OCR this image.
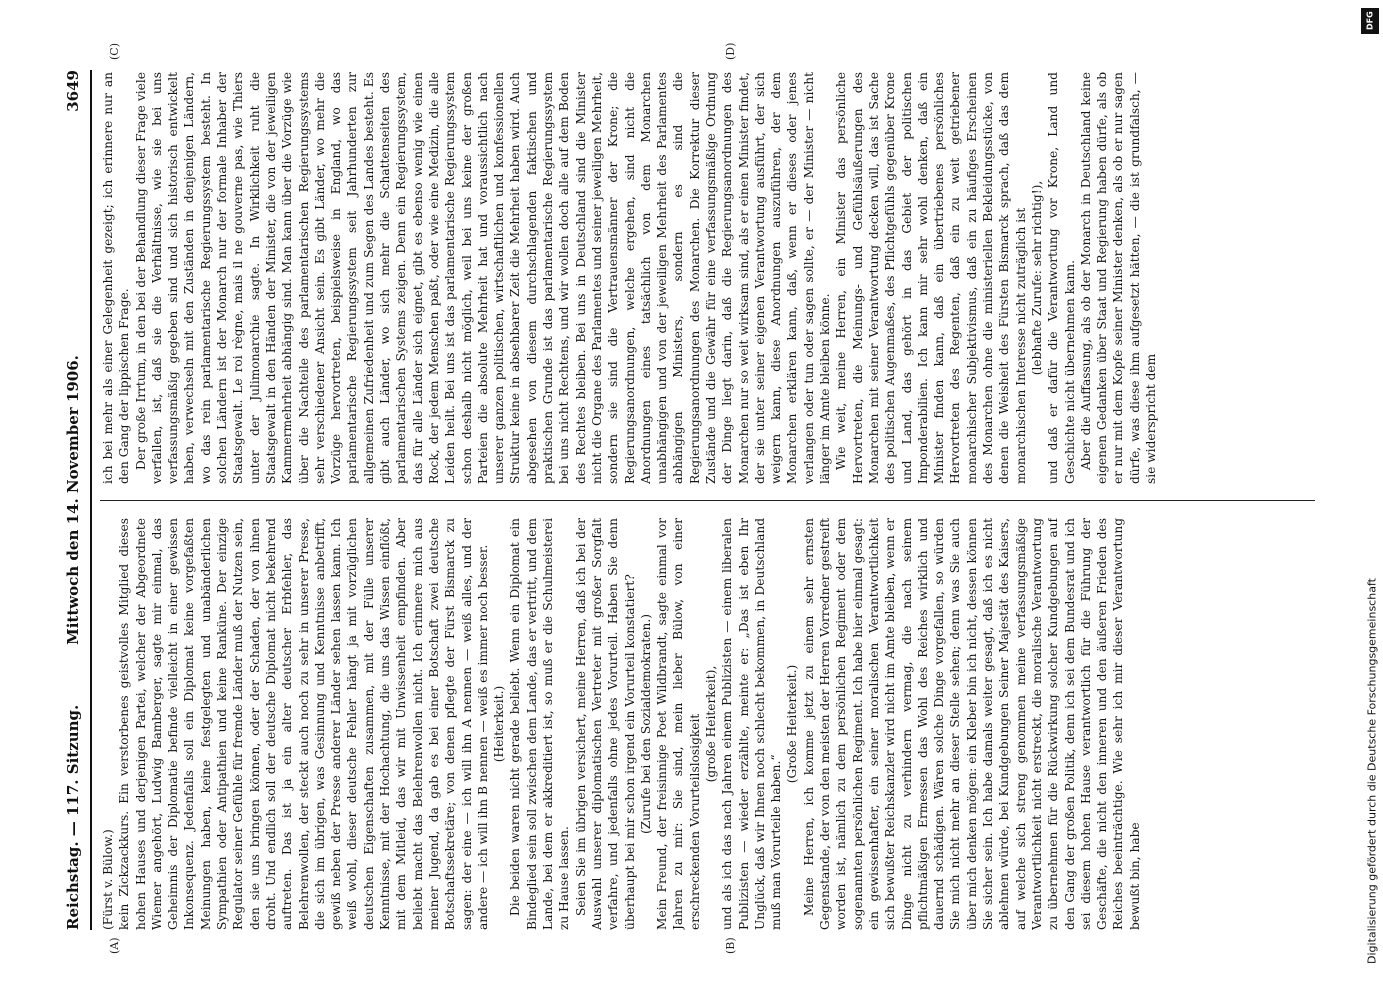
Reichstag. — 117. Sitzung.
Mittwoch den 14. November 1906.
3649
(A)	(B)
(C)	(D)

(Fürst v. Bülow.) kein Zickzackkurs. Ein verstorbenes geistvolles Mitglied dieses hohen Hauses und derjenigen Partei, welcher der Abgeordnete Wiemer angehört, Ludwig Bamberger, sagte mir einmal, das Geheimnis der Diplomatie befinde vielleicht in einer gewissen Inkonsequenz. Jedenfalls soll ein Diplomat keine vorgefaßten Meinungen haben, keine festgelegten und unabänderlichen Sympathien oder Antipathien und keine Ranküne. Der einzige Regulator seiner Gefühle für fremde Länder muß der Nutzen sein, den sie uns bringen können, oder der Schaden, der von ihnen droht. Und endlich soll der deutsche Diplomat nicht bekehrend auftreten. Das ist ja ein alter deutscher Erbfehler, das Belehrenwollen, der steckt auch noch zu sehr in unserer Presse, die sich im übrigen, was Gesinnung und Kenntnisse anbetrifft, gewiß neben der Presse anderer Länder sehen lassen kann. Ich weiß wohl, dieser deutsche Fehler hängt ja mit vorzüglichen deutschen Eigenschaften zusammen, mit der Fülle unserer Kenntnisse, mit der Hochachtung, die uns das Wissen einflößt, mit dem Mitleid, das wir mit Unwissenheit empfinden. Aber beliebt macht das Belehrenwollen nicht. Ich erinnere mich aus meiner Jugend, da gab es bei einer Botschaft zwei deutsche Botschaftssekretäre; von denen pflegte der Fürst Bismarck zu sagen: der eine — ich will ihn A nennen — weiß alles, und der andere — ich will ihn B nennen — weiß es immer noch besser. (Heiterkeit.) Die beiden waren nicht gerade beliebt. Wenn ein Diplomat ein Bindeglied sein soll zwischen dem Lande, das er vertritt, und dem Lande, bei dem er akkreditiert ist, so muß er die Schulmeisterei zu Hause lassen. Seien Sie im übrigen versichert, meine Herren, daß ich bei der Auswahl unserer diplomatischen Vertreter mit großer Sorgfalt verfahre, und jedenfalls ohne jedes Vorurteil. Haben Sie denn überhaupt bei mir schon irgend ein Vorurteil konstatiert? (Zurufe bei den Sozialdemokraten.) Mein Freund, der freisinnige Poet Wildbrandt, sagte einmal vor Jahren zu mir: Sie sind, mein lieber Bülow, von einer erschreckenden Vorurteilslosigkeit (große Heiterkeit), und als ich das nach Jahren einem Publizisten — einem liberalen Publizisten — wieder erzählte, meinte er: „Das ist eben Ihr Unglück, daß wir Ihnen noch schlecht bekommen, in Deutschland muß man Vorurteile haben.“

(Große Heiterkeit.) Meine Herren, ich komme jetzt zu einem sehr ernsten Gegenstande, der von den meisten der Herren Vorredner gestreift worden ist, nämlich zu dem persönlichen Regiment oder dem sogenannten persönlichen Regiment. Ich habe hier einmal gesagt: ein gewissenhafter, ein seiner moralischen Verantwortlichkeit sich bewußter Reichskanzler wird nicht im Amte bleiben, wenn er Dinge nicht zu verhindern vermag, die nach seinem pflichtmäßigen Ermessen das Wohl des Reiches wirklich und dauernd schädigen. Wären solche Dinge vorgefallen, so würden Sie mich nicht mehr an dieser Stelle sehen; denn was Sie auch über mich denken mögen: ein Kleber bin ich nicht, dessen können Sie sicher sein. Ich habe damals weiter gesagt, daß ich es nicht ablehnen würde, bei Kundgebungen Seiner Majestät des Kaisers, auf welche sich streng genommen meine verfassungsmäßige Verantwortlichkeit nicht erstreckt, die moralische Verantwortung zu übernehmen für die Rückwirkung solcher Kundgebungen auf den Gang der großen Politik, denn ich sei dem Bundesrat und ich sei diesem hohen Hause verantwortlich für die Führung der Geschäfte, die nicht den inneren und den äußeren Frieden des Reiches beeinträchtige. Wie sehr ich mir dieser Verantwortung bewußt bin, habe

ich bei mehr als einer Gelegenheit gezeigt; ich erinnere nur an den Gang der lippischen Frage. Der große Irrtum, in den bei der Behandlung dieser Frage viele verfallen, ist, daß sie die Verhältnisse, wie sie bei uns verfassungsmäßig gegeben sind und sich historisch entwickelt haben, verwechseln mit den Zuständen in denjenigen Ländern, wo das rein parlamentarische Regierungssystem besteht. In solchen Ländern ist der Monarch nur der formale Inhaber der Staatsgewalt. Le roi règne, mais il ne gouverne pas, wie Thiers unter der Julimonarchie sagte. In Wirklichkeit ruht die Staatsgewalt in den Händen der Minister, die von der jeweiligen Kammermehrheit abhängig sind. Man kann über die Vorzüge wie über die Nachteile des parlamentarischen Regierungssystems sehr verschiedener Ansicht sein. Es gibt Länder, wo mehr die Vorzüge hervortreten, beispielsweise in England, wo das parlamentarische Regierungssystem seit Jahrhunderten zur allgemeinen Zufriedenheit und zum Segen des Landes besteht. Es gibt auch Länder, wo sich mehr die Schattenseiten des parlamentarischen Systems zeigen. Denn ein Regierungssystem, das für alle Länder sich eignet, gibt es ebenso wenig wie einen Rock, der jedem Menschen paßt, oder wie eine Medizin, die alle Leiden heilt. Bei uns ist das parlamentarische Regierungssystem schon deshalb nicht möglich, weil bei uns keine der großen Parteien die absolute Mehrheit hat und voraussichtlich nach unserer ganzen politischen, wirtschaftlichen und konfessionellen Struktur keine in absehbarer Zeit die Mehrheit haben wird. Auch abgesehen von diesem durchschlagenden faktischen und praktischen Grunde ist das parlamentarische Regierungssystem bei uns nicht Rechtens, und wir wollen doch alle auf dem Boden des Rechtes bleiben. Bei uns in Deutschland sind die Minister nicht die Organe des Parlamentes und seiner jeweiligen Mehrheit, sondern sie sind die Vertrauensmänner der Krone; die Regierungsanordnungen, welche ergehen, sind nicht die Anordnungen eines tatsächlich von dem Monarchen unabhängigen und von der jeweiligen Mehrheit des Parlamentes abhängigen Ministers, sondern es sind die Regierungsanordnungen des Monarchen. Die Korrektur dieser Zustände und die Gewähr für eine verfassungsmäßige Ordnung der Dinge liegt darin, daß die Regierungsanordnungen des Monarchen nur so weit wirksam sind, als er einen Minister findet, der sie unter seiner eigenen Verantwortung ausführt, der sich weigern kann, diese Anordnungen auszuführen, der dem Monarchen erklären kann, daß, wenn er dieses oder jenes verlangen oder tun oder sagen sollte, er — der Minister — nicht länger im Amte bleiben könne. Wie weit, meine Herren, ein Minister das persönliche Hervortreten, die Meinungs- und Gefühlsäußerungen des Monarchen mit seiner Verantwortung decken will, das ist Sache des politischen Augenmaßes, des Pflichtgefühls gegenüber Krone und Land, das gehört in das Gebiet der politischen Imponderabilien. Ich kann mir sehr wohl denken, daß ein Minister finden kann, daß ein übertriebenes persönliches Hervortreten des Regenten, daß ein zu weit getriebener monarchischer Subjektivismus, daß ein zu häufiges Erscheinen des Monarchen ohne die ministeriellen Bekleidungsstücke, von denen die Weisheit des Fürsten Bismarck sprach, daß das dem monarchischen Interesse nicht zuträglich ist (lebhafte Zurufe: sehr richtig!), und daß er dafür die Verantwortung vor Krone, Land und Geschichte nicht übernehmen kann. Aber die Auffassung, als ob der Monarch in Deutschland keine eigenen Gedanken über Staat und Regierung haben dürfe, als ob er nur mit dem Kopfe seiner Minister denken, als ob er nur sagen dürfe, was diese ihm aufgesetzt hätten, — die ist grundfalsch, — sie widerspricht dem

DFG
Digitalisierung gefördert durch die Deutsche Forschungsgemeinschaft
